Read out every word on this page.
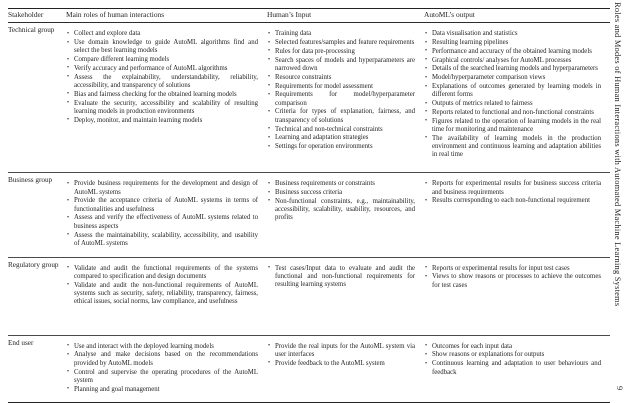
Stakeholder	Main roles of human interactions	Human’s Input	AutoML’s output
Technical group	
•Collect and explore data
• Use domain knowledge to guide AutoML algorithms find and select the best learning models
• Compare different learning models
• Verify accuracy and performance of AutoML algorithms
• Assess the explainability, understandability, reliability, accessibility, and transparency of solutions
• Bias and fairness checking for the obtained learning models
• Evaluate the security, accessibility and scalability of resulting learning models in production environments
• Deploy, monitor, and maintain learning models

• Training data
• Selected features/samples and feature requirements
• Rules for data pre-processing
• Search spaces of models and hyperparameters are narrowed down
• Resource constraints
• Requirements for model assessment
• Requirements for model/hyperparameter comparison
• Criteria for types of explanation, fairness, and transparency of solutions
• Technical and non-technical constraints
• Learning and adaptation strategies
• Settings for operation environments

• Data visualisation and statistics
• Resulting learning pipelines
• Performance and accuracy of the obtained learning models
• Graphical controls/ analyses for AutoML processes
• Details of the searched learning models and hyperparameters
• Model/hyperparameter comparison views
• Explanations of outcomes generated by learning models in different forms
• Outputs of metrics related to fairness
• Reports related to functional and non-functional constraints
• Figures related to the operation of learning models in the real time for monitoring and maintenance
• The availability of learning models in the production environment and continuous learning and adaptation abilities in real time

Business group	
•Provide business requirements for the development and design of AutoML systems
• Provide the acceptance criteria of AutoML systems in terms of functionalities and usefulness
• Assess and verify the effectiveness of AutoML systems related to business aspects
• Assess the maintainability, scalability, accessibility, and usability of AutoML systems

• Business requirements or constraints
• Business success criteria
• Non-functional constraints, e.g., maintainability, accessibility, scalability, usability, resources, and profits

• Reports for experimental results for business success criteria and business requirements
• Results corresponding to each non-functional requirement

Regulatory group	
•Validate and audit the functional requirements of the systems compared to specification and design documents
• Validate and audit the non-functional requirements of AutoML systems such as security, safety, reliability, transparency, fairness, ethical issues, social norms, law compliance, and usefulness

• Test cases/Input data to evaluate and audit the functional and non-functional requirements for resulting learning systems

• Reports or experimental results for input test cases
• Views to show reasons or processes to achieve the outcomes for test cases

End user	
•Use and interact with the deployed learning models
• Analyse and make decisions based on the recommendations provided by AutoML models
• Control and supervise the operating procedures of the AutoML system
• Planning and goal management

• Provide the real inputs for the AutoML system via user interfaces
• Provide feedback to the AutoML system

• Outcomes for each input data
• Show reasons or explanations for outputs
• Continuous learning and adaptation to user behaviours and feedback
Roles and Modes of Human Interactions with Automated Machine Learning Systems
9
